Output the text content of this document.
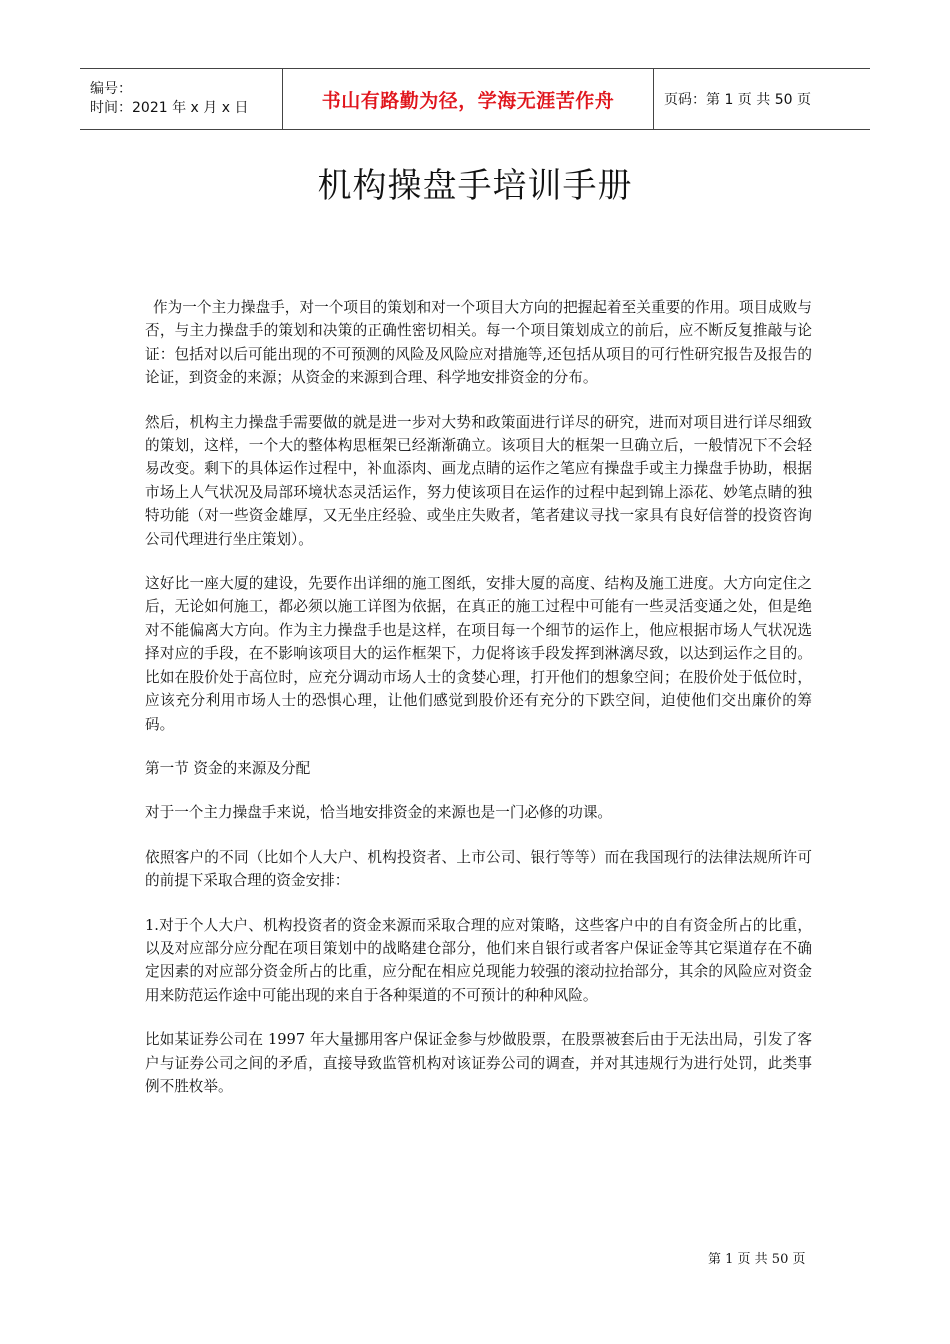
编号：
时间：2021 年 x 月 x 日	书山有路勤为径，学海无涯苦作舟	页码：第 1 页 共 50 页
机构操盘手培训手册

作为一个主力操盘手，对一个项目的策划和对一个项目大方向的把握起着至关重要的作用。项目成败与否，与主力操盘手的策划和决策的正确性密切相关。每一个项目策划成立的前后，应不断反复推敲与论证：包括对以后可能出现的不可预测的风险及风险应对措施等,还包括从项目的可行性研究报告及报告的论证，到资金的来源；从资金的来源到合理、科学地安排资金的分布。

然后，机构主力操盘手需要做的就是进一步对大势和政策面进行详尽的研究，进而对项目进行详尽细致的策划，这样，一个大的整体构思框架已经渐渐确立。该项目大的框架一旦确立后，一般情况下不会轻易改变。剩下的具体运作过程中，补血添肉、画龙点睛的运作之笔应有操盘手或主力操盘手协助，根据市场上人气状况及局部环境状态灵活运作，努力使该项目在运作的过程中起到锦上添花、妙笔点睛的独特功能（对一些资金雄厚，又无坐庄经验、或坐庄失败者，笔者建议寻找一家具有良好信誉的投资咨询公司代理进行坐庄策划）。

这好比一座大厦的建设，先要作出详细的施工图纸，安排大厦的高度、结构及施工进度。大方向定住之后，无论如何施工，都必须以施工详图为依据，在真正的施工过程中可能有一些灵活变通之处，但是绝对不能偏离大方向。作为主力操盘手也是这样，在项目每一个细节的运作上，他应根据市场人气状况选择对应的手段，在不影响该项目大的运作框架下，力促将该手段发挥到淋漓尽致，以达到运作之目的。比如在股价处于高位时，应充分调动市场人士的贪婪心理，打开他们的想象空间；在股价处于低位时，应该充分利用市场人士的恐惧心理，让他们感觉到股价还有充分的下跌空间，迫使他们交出廉价的筹码。

第一节 资金的来源及分配

对于一个主力操盘手来说，恰当地安排资金的来源也是一门必修的功课。

依照客户的不同（比如个人大户、机构投资者、上市公司、银行等等）而在我国现行的法律法规所许可的前提下采取合理的资金安排：

1.对于个人大户、机构投资者的资金来源而采取合理的应对策略，这些客户中的自有资金所占的比重，以及对应部分应分配在项目策划中的战略建仓部分，他们来自银行或者客户保证金等其它渠道存在不确定因素的对应部分资金所占的比重，应分配在相应兑现能力较强的滚动拉抬部分，其余的风险应对资金用来防范运作途中可能出现的来自于各种渠道的不可预计的种种风险。

比如某证券公司在 1997 年大量挪用客户保证金参与炒做股票，在股票被套后由于无法出局，引发了客户与证券公司之间的矛盾，直接导致监管机构对该证券公司的调查，并对其违规行为进行处罚，此类事例不胜枚举。

第 1 页 共 50 页
